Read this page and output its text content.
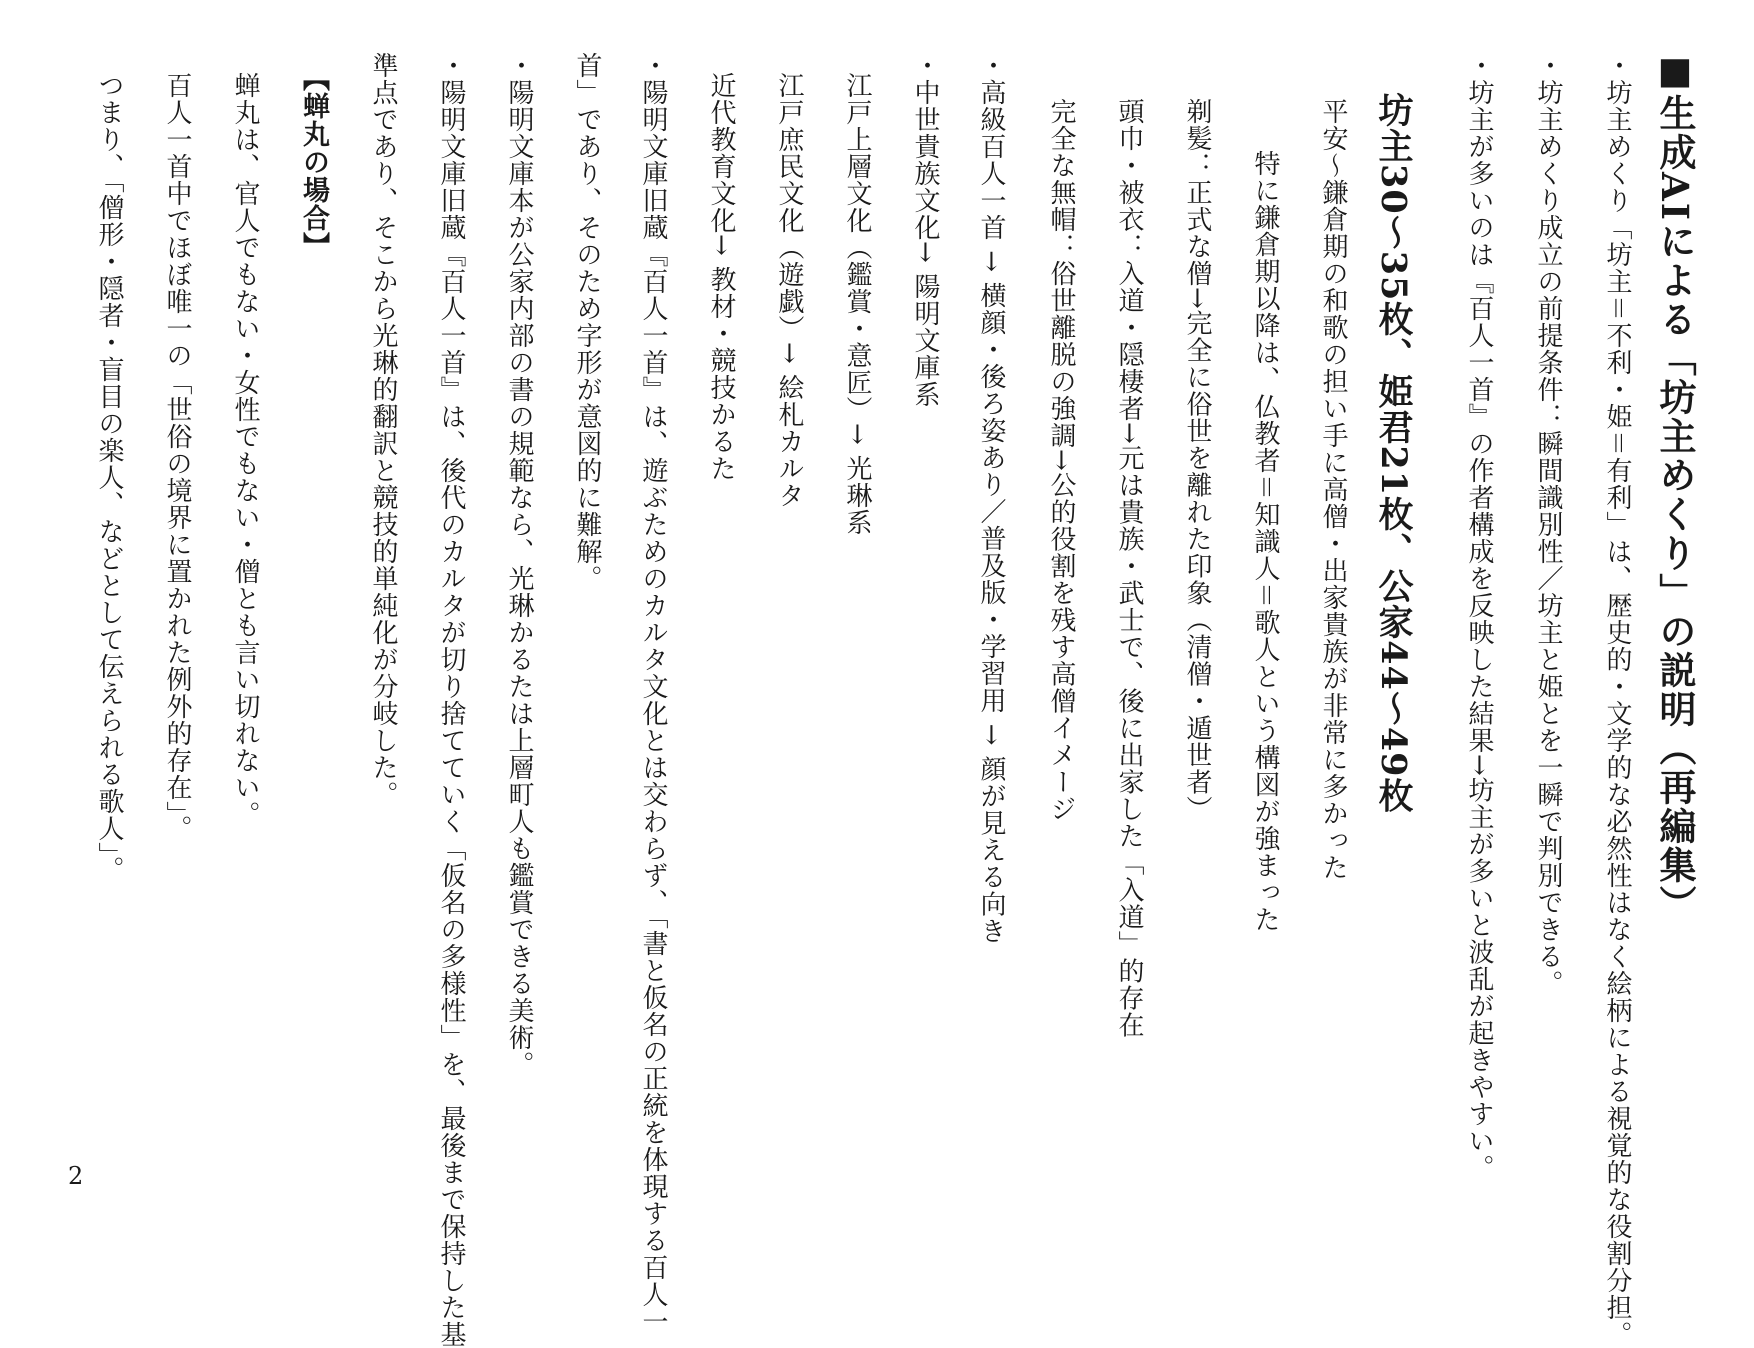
■生成AIによる「坊主めくり」の説明（再編集）
・坊主めくり「坊主＝不利・姫＝有利」は、歴史的・文学的な必然性はなく絵柄による視覚的な役割分担。
・坊主めくり成立の前提条件：瞬間識別性／坊主と姫とを一瞬で判別できる。
・坊主が多いのは『百人一首』の作者構成を反映した結果→坊主が多いと波乱が起きやすい。
坊主30～35枚、姫君21枚、公家44～49枚
平安～鎌倉期の和歌の担い手に高僧・出家貴族が非常に多かった
特に鎌倉期以降は、仏教者＝知識人＝歌人という構図が強まった
剃髪：正式な僧→完全に俗世を離れた印象（清僧・遁世者）
頭巾・被衣：入道・隠棲者→元は貴族・武士で、後に出家した「入道」的存在
完全な無帽：俗世離脱の強調→公的役割を残す高僧イメージ
・高級百人一首 → 横顔・後ろ姿あり／普及版・学習用 → 顔が見える向き
・中世貴族文化→ 陽明文庫系
江戸上層文化（鑑賞・意匠）→ 光琳系
江戸庶民文化（遊戯）→ 絵札カルタ
近代教育文化→ 教材・競技かるた
・陽明文庫旧蔵『百人一首』は、遊ぶためのカルタ文化とは交わらず、「書と仮名の正統を体現する百人一
首」であり、そのため字形が意図的に難解。
・陽明文庫本が公家内部の書の規範なら、光琳かるたは上層町人も鑑賞できる美術。
・陽明文庫旧蔵『百人一首』は、後代のカルタが切り捨てていく「仮名の多様性」を、最後まで保持した基
準点であり、そこから光琳的翻訳と競技的単純化が分岐した。
【蝉丸の場合】
蝉丸は、官人でもない・女性でもない・僧とも言い切れない。
百人一首中でほぼ唯一の「世俗の境界に置かれた例外的存在」。
つまり、「僧形・隠者・盲目の楽人、などとして伝えられる歌人」。
2
